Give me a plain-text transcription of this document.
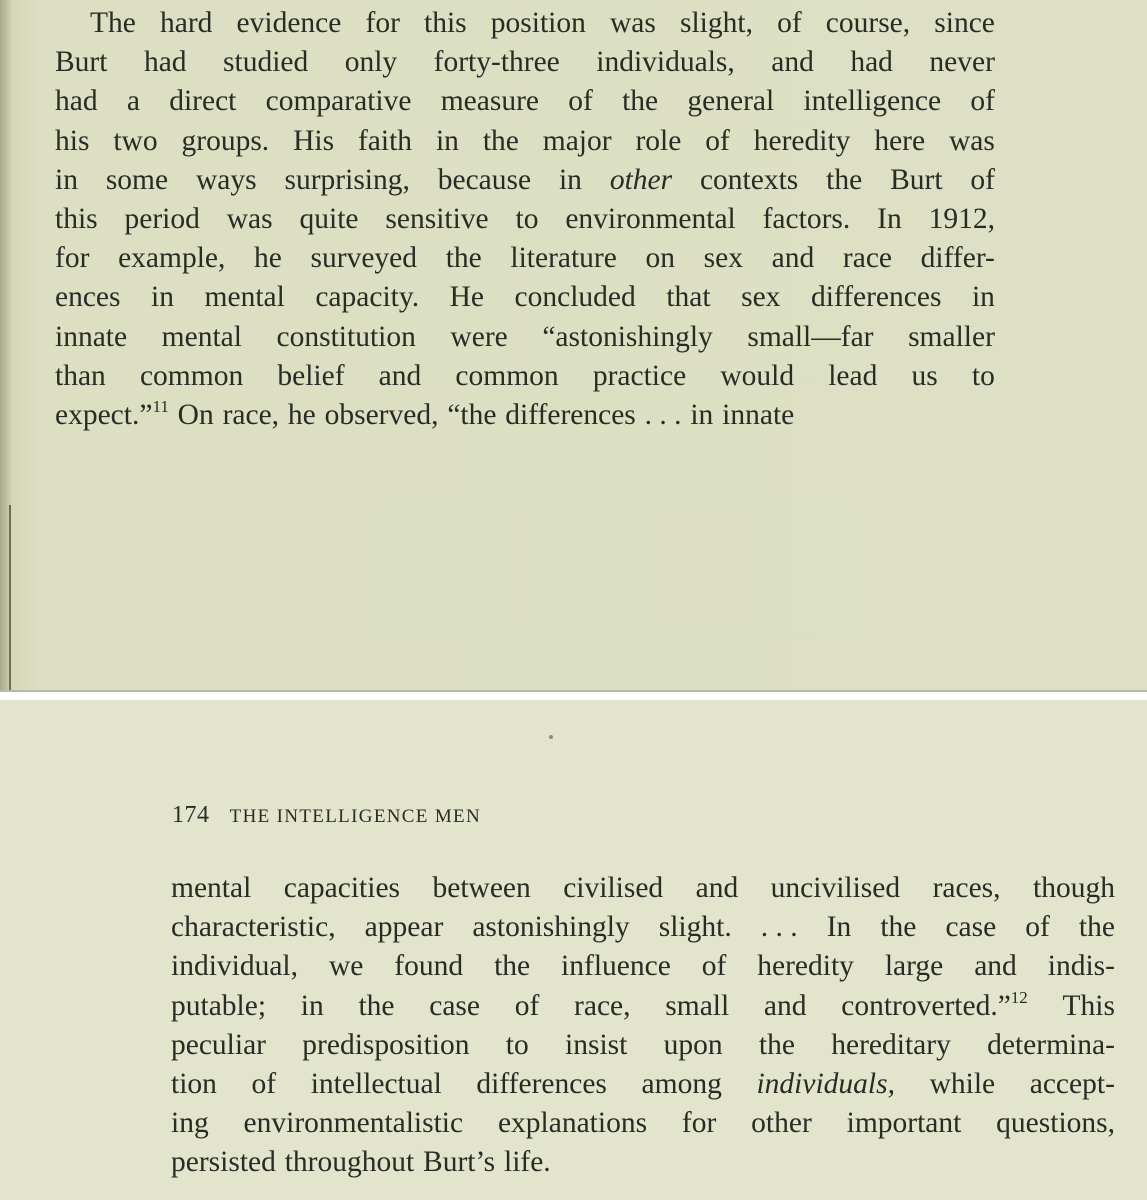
The hard evidence for this position was slight, of course, since
Burt had studied only forty-three individuals, and had never
had a direct comparative measure of the general intelligence of
his two groups. His faith in the major role of heredity here was
in some ways surprising, because in other contexts the Burt of
this period was quite sensitive to environmental factors. In 1912,
for example, he surveyed the literature on sex and race differ-
ences in mental capacity. He concluded that sex differences in
innate mental constitution were “astonishingly small—far smaller
than common belief and common practice would lead us to
expect.”$^{11}$ On race, he observed, “the differences . . . in innate
174 THE INTELLIGENCE MEN
mental capacities between civilised and uncivilised races, though
characteristic, appear astonishingly slight. . . . In the case of the
individual, we found the influence of heredity large and indis-
putable; in the case of race, small and controverted.”$^{12}$ This
peculiar predisposition to insist upon the hereditary determina-
tion of intellectual differences among individuals, while accept-
ing environmentalistic explanations for other important questions,
persisted throughout Burt’s life.
